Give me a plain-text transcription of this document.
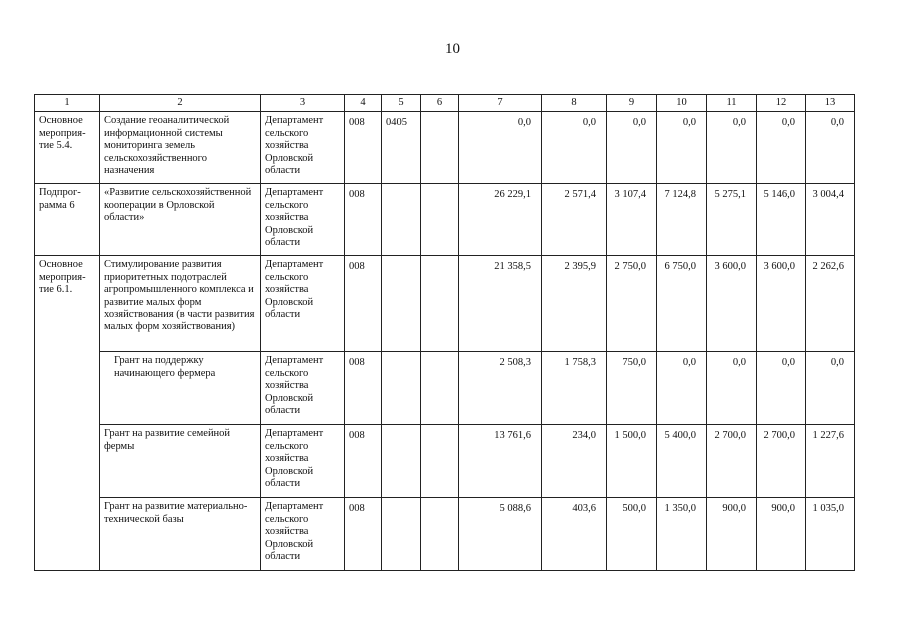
10
1	2	3	4	5	6	7	8	9	10	11	12	13
Основное мероприя-тие 5.4.	Создание геоаналитической информационной системы мониторинга земель сельскохозяйственного назначения	Департамент сельского хозяйства Орловской области	008	0405		0,0	0,0	0,0	0,0	0,0	0,0	0,0
Подпрог-рамма 6	«Развитие сельскохозяйственной кооперации в Орловской области»	Департамент сельского хозяйства Орловской области	008			26 229,1	2 571,4	3 107,4	7 124,8	5 275,1	5 146,0	3 004,4
Основное мероприя-тие 6.1.	Стимулирование развития приоритетных подотраслей агропромышленного комплекса и развитие малых форм хозяйствования (в части развития малых форм хозяйствования)	Департамент сельского хозяйства Орловской области	008			21 358,5	2 395,9	2 750,0	6 750,0	3 600,0	3 600,0	2 262,6
	Грант на поддержку начинающего фермера	Департамент сельского хозяйства Орловской области	008			2 508,3	1 758,3	750,0	0,0	0,0	0,0	0,0
	Грант на развитие семейной фермы	Департамент сельского хозяйства Орловской области	008			13 761,6	234,0	1 500,0	5 400,0	2 700,0	2 700,0	1 227,6
	Грант на развитие материально-технической базы	Департамент сельского хозяйства Орловской области	008			5 088,6	403,6	500,0	1 350,0	900,0	900,0	1 035,0
